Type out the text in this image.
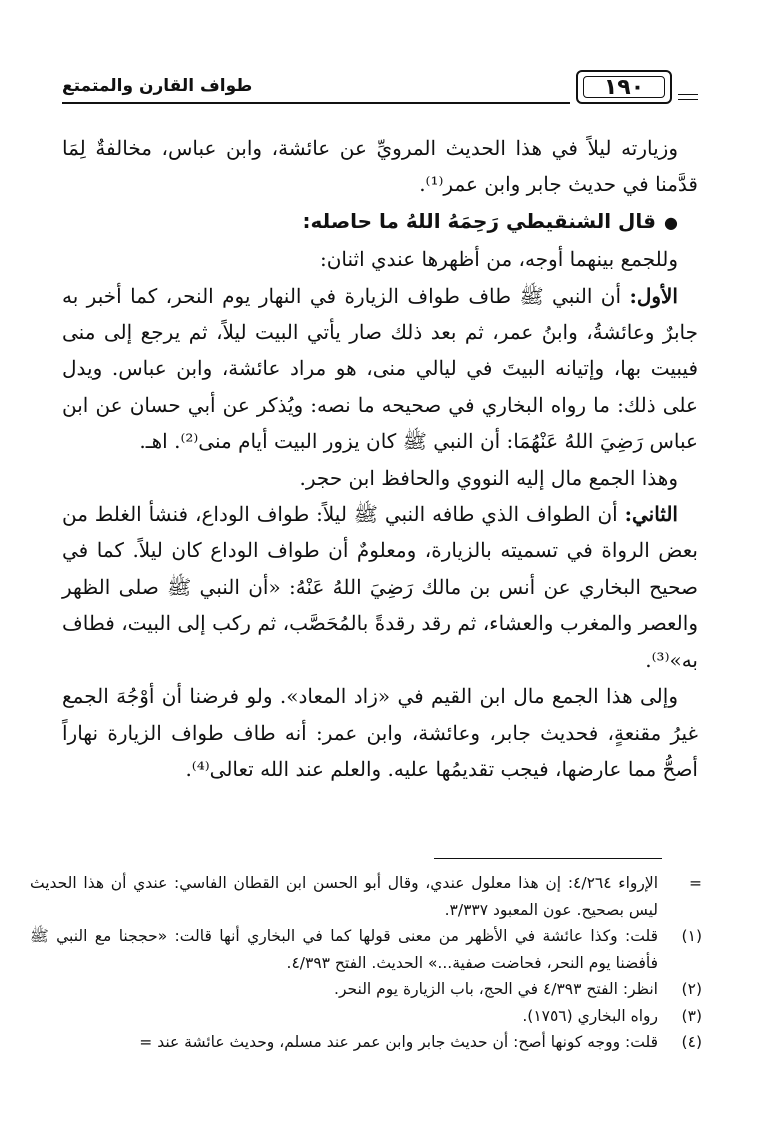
طواف القارن والمتمتع	١٩٠

وزيارته ليلاً في هذا الحديث المرويِّ عن عائشة، وابن عباس، مخالفةٌ لِمَا قدَّمنا في حديث جابر وابن عمر⁽¹⁾.

●قال الشنقيطي رَحِمَهُ اللهُ ما حاصله:

وللجمع بينهما أوجه، من أظهرها عندي اثنان:

الأول: أن النبي ﷺ طاف طواف الزيارة في النهار يوم النحر، كما أخبر به جابرٌ وعائشةُ، وابنُ عمر، ثم بعد ذلك صار يأتي البيت ليلاً، ثم يرجع إلى منى فيبيت بها، وإتيانه البيتَ في ليالي منى، هو مراد عائشة، وابن عباس. ويدل على ذلك: ما رواه البخاري في صحيحه ما نصه: ويُذكر عن أبي حسان عن ابن عباس رَضِيَ اللهُ عَنْهُمَا: أن النبي ﷺ كان يزور البيت أيام منى⁽²⁾. اهـ.

وهذا الجمع مال إليه النووي والحافظ ابن حجر.

الثاني: أن الطواف الذي طافه النبي ﷺ ليلاً: طواف الوداع، فنشأ الغلط من بعض الرواة في تسميته بالزيارة، ومعلومٌ أن طواف الوداع كان ليلاً. كما في صحيح البخاري عن أنس بن مالك رَضِيَ اللهُ عَنْهُ: «أن النبي ﷺ صلى الظهر والعصر والمغرب والعشاء، ثم رقد رقدةً بالمُحَصَّب، ثم ركب إلى البيت، فطاف به»⁽³⁾.

وإلى هذا الجمع مال ابن القيم في «زاد المعاد». ولو فرضنا أن أوْجُهَ الجمع غيرُ مقنعةٍ، فحديث جابر، وعائشة، وابن عمر: أنه طاف طواف الزيارة نهاراً أصحُّ مما عارضها، فيجب تقديمُها عليه. والعلم عند الله تعالى⁽⁴⁾.

=
الإرواء ٤/٢٦٤: إن هذا معلول عندي، وقال أبو الحسن ابن القطان الفاسي: عندي أن هذا الحديث ليس بصحيح. عون المعبود ٣/٣٣٧.
(١)
قلت: وكذا عائشة في الأظهر من معنى قولها كما في البخاري أنها قالت: «حججنا مع النبي ﷺ فأفضنا يوم النحر، فحاضت صفية...» الحديث. الفتح ٤/٣٩٣.
(٢)
انظر: الفتح ٤/٣٩٣ في الحج، باب الزيارة يوم النحر.
(٣)
رواه البخاري (١٧٥٦).
(٤)
قلت: ووجه كونها أصح: أن حديث جابر وابن عمر عند مسلم، وحديث عائشة عند =
